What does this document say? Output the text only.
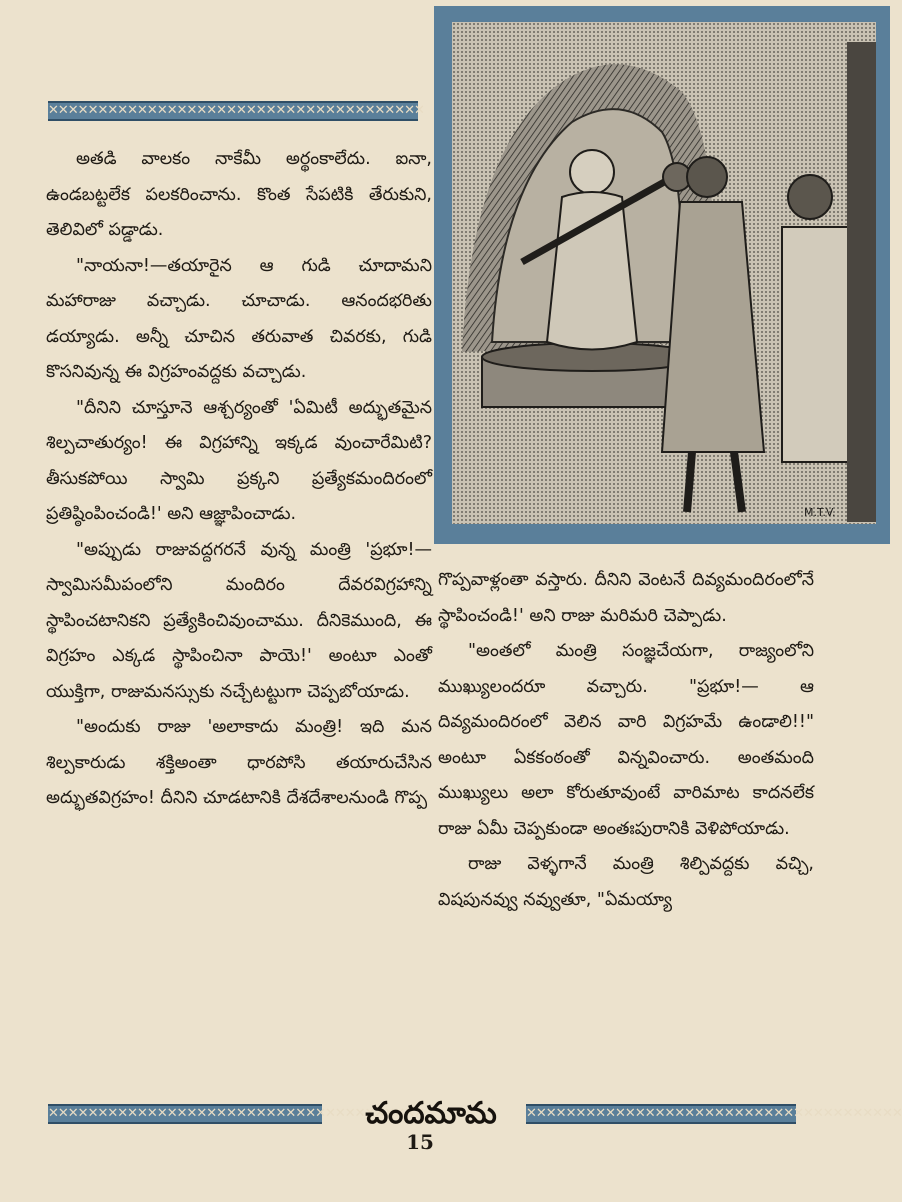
✕✕✕✕✕✕✕✕✕✕✕✕✕✕✕✕✕✕✕✕✕✕✕✕✕✕✕✕✕✕✕✕✕✕✕✕✕✕
M.T.V.

అతడి వాలకం నాకేమీ అర్థంకాలేదు. ఐనా, ఉండబట్టలేక పలకరించాను. కొంత సేపటికి తేరుకుని, తెలివిలో పడ్డాడు.

"నాయనా!—తయారైన ఆ గుడి చూదామని మహారాజు వచ్చాడు. చూచాడు. ఆనందభరితు డయ్యాడు. అన్నీ చూచిన తరువాత చివరకు, గుడి కొసనివున్న ఈ విగ్రహంవద్దకు వచ్చాడు.

"దీనిని చూస్తూనె ఆశ్చర్యంతో 'ఏమిటీ అద్భుతమైన శిల్పచాతుర్యం! ఈ విగ్రహాన్ని ఇక్కడ వుంచారేమిటి? తీసుకపోయి స్వామి ప్రక్కని ప్రత్యేకమందిరంలో ప్రతిష్ఠింపించండి!' అని ఆజ్ఞాపించాడు.

"అప్పుడు రాజువద్దగరనే వున్న మంత్రి 'ప్రభూ!—స్వామిసమీపంలోని మందిరం దేవరవిగ్రహాన్ని స్థాపించటానికని ప్రత్యేకించివుంచాము. దీనికెముంది, ఈ విగ్రహం ఎక్కడ స్థాపించినా పాయె!' అంటూ ఎంతో యుక్తిగా, రాజుమనస్సుకు నచ్చేటట్టుగా చెప్పబోయాడు.

"అందుకు రాజు 'అలాకాదు మంత్రి! ఇది మన శిల్పకారుడు శక్తిఅంతా ధారపోసి తయారుచేసిన అద్భుతవిగ్రహం! దీనిని చూడటానికి దేశదేశాలనుండి గొప్ప

గొప్పవాళ్లంతా వస్తారు. దీనిని వెంటనే దివ్యమందిరంలోనే స్థాపించండి!' అని రాజు మరిమరి చెప్పాడు.

"అంతలో మంత్రి సంజ్ఞచేయగా, రాజ్యంలోని ముఖ్యులందరూ వచ్చారు. "ప్రభూ!— ఆ దివ్యమందిరంలో వెలిన వారి విగ్రహమే ఉండాలి!!" అంటూ ఏకకంఠంతో విన్నవించారు. అంతమంది ముఖ్యులు అలా కోరుతూవుంటే వారిమాట కాదనలేక రాజు ఏమీ చెప్పకుండా అంతఃపురానికి వెళిపోయాడు.

రాజు వెళ్ళగానే మంత్రి శిల్పివద్దకు వచ్చి, విషపునవ్వు నవ్వుతూ, "ఏమయ్యా

✕✕✕✕✕✕✕✕✕✕✕✕✕✕✕✕✕✕✕✕✕✕✕✕✕✕✕✕✕✕✕✕✕✕✕✕✕✕
చందమామ	✕✕✕✕✕✕✕✕✕✕✕✕✕✕✕✕✕✕✕✕✕✕✕✕✕✕✕✕✕✕✕✕✕✕✕✕✕✕
15
